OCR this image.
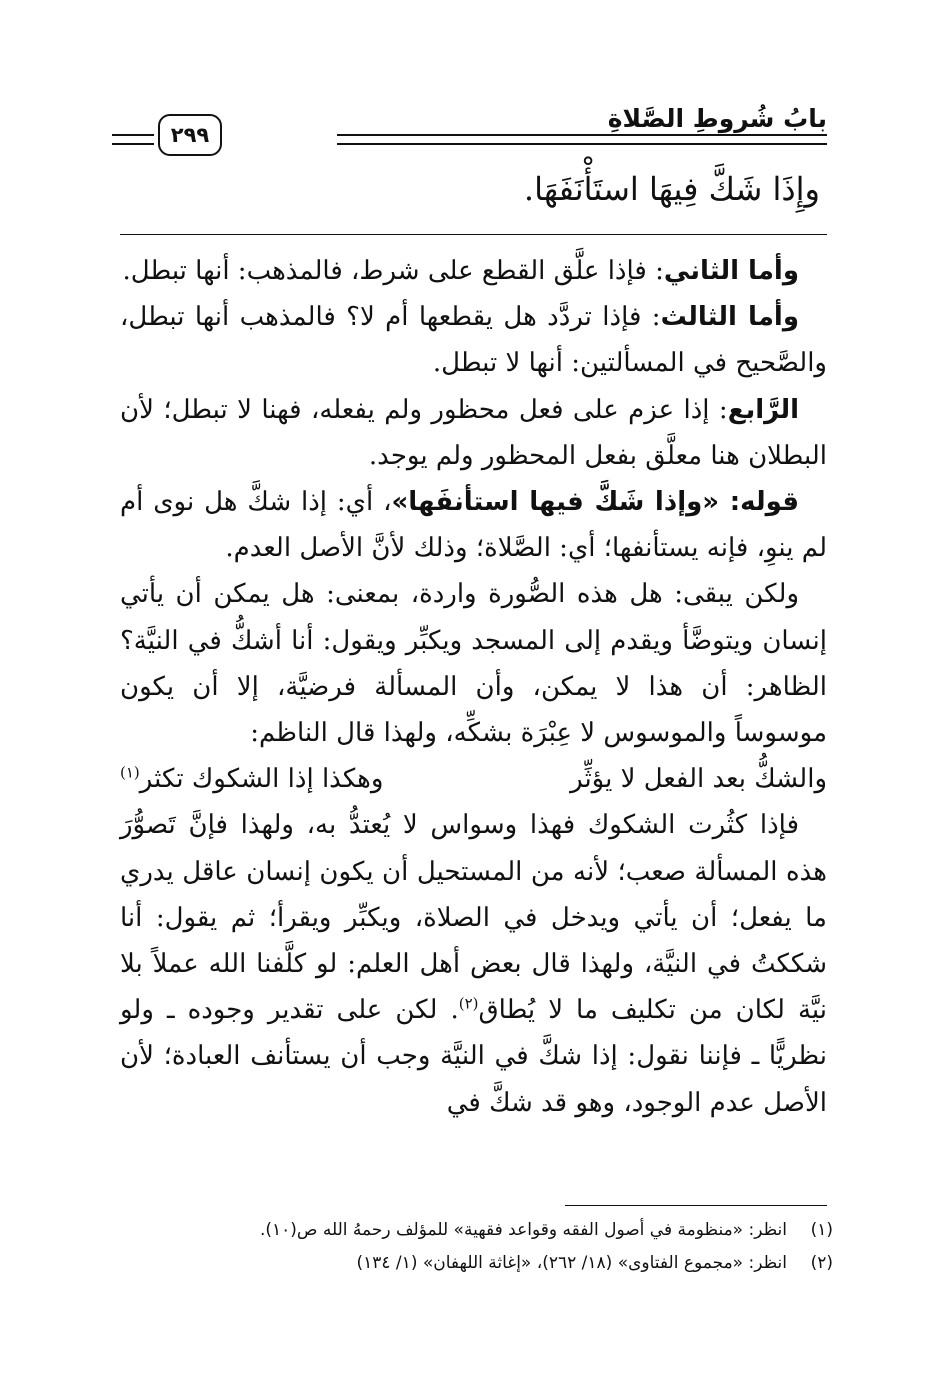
بابُ شُروطِ الصَّلاةِ
٢٩٩
وإِذَا شَكَّ فِيهَا استَأْنَفَهَا.

وأما الثاني: فإذا علَّق القطع على شرط، فالمذهب: أنها تبطل.

وأما الثالث: فإذا تردَّد هل يقطعها أم لا؟ فالمذهب أنها تبطل، والصَّحيح في المسألتين: أنها لا تبطل.

الرَّابع: إذا عزم على فعل محظور ولم يفعله، فهنا لا تبطل؛ لأن البطلان هنا معلَّق بفعل المحظور ولم يوجد.

قوله: «وإذا شَكَّ فيها استأنفَها»، أي: إذا شكَّ هل نوى أم لم ينوِ، فإنه يستأنفها؛ أي: الصَّلاة؛ وذلك لأنَّ الأصل العدم.

ولكن يبقى: هل هذه الصُّورة واردة، بمعنى: هل يمكن أن يأتي إنسان ويتوضَّأ ويقدم إلى المسجد ويكبِّر ويقول: أنا أشكُّ في النيَّة؟ الظاهر: أن هذا لا يمكن، وأن المسألة فرضيَّة، إلا أن يكون موسوساً والموسوس لا عِبْرَة بشكِّه، ولهذا قال الناظم:

والشكُّ بعد الفعل لا يؤثِّر
وهكذا إذا الشكوك تكثر$^{(١)}$

فإذا كثُرت الشكوك فهذا وسواس لا يُعتدُّ به، ولهذا فإنَّ تَصوُّرَ هذه المسألة صعب؛ لأنه من المستحيل أن يكون إنسان عاقل يدري ما يفعل؛ أن يأتي ويدخل في الصلاة، ويكبِّر ويقرأ؛ ثم يقول: أنا شككتُ في النيَّة، ولهذا قال بعض أهل العلم: لو كلَّفنا الله عملاً بلا نيَّة لكان من تكليف ما لا يُطاق$^{(٢)}$. لكن على تقدير وجوده ـ ولو نظريًّا ـ فإننا نقول: إذا شكَّ في النيَّة وجب أن يستأنف العبادة؛ لأن الأصل عدم الوجود، وهو قد شكَّ في

(١)
انظر: «منظومة في أصول الفقه وقواعد فقهية» للمؤلف رحمهُ الله ص(١٠).
(٢)
انظر: «مجموع الفتاوى» (١٨/ ٢٦٢)، «إغاثة اللهفان» (١/ ١٣٤)
